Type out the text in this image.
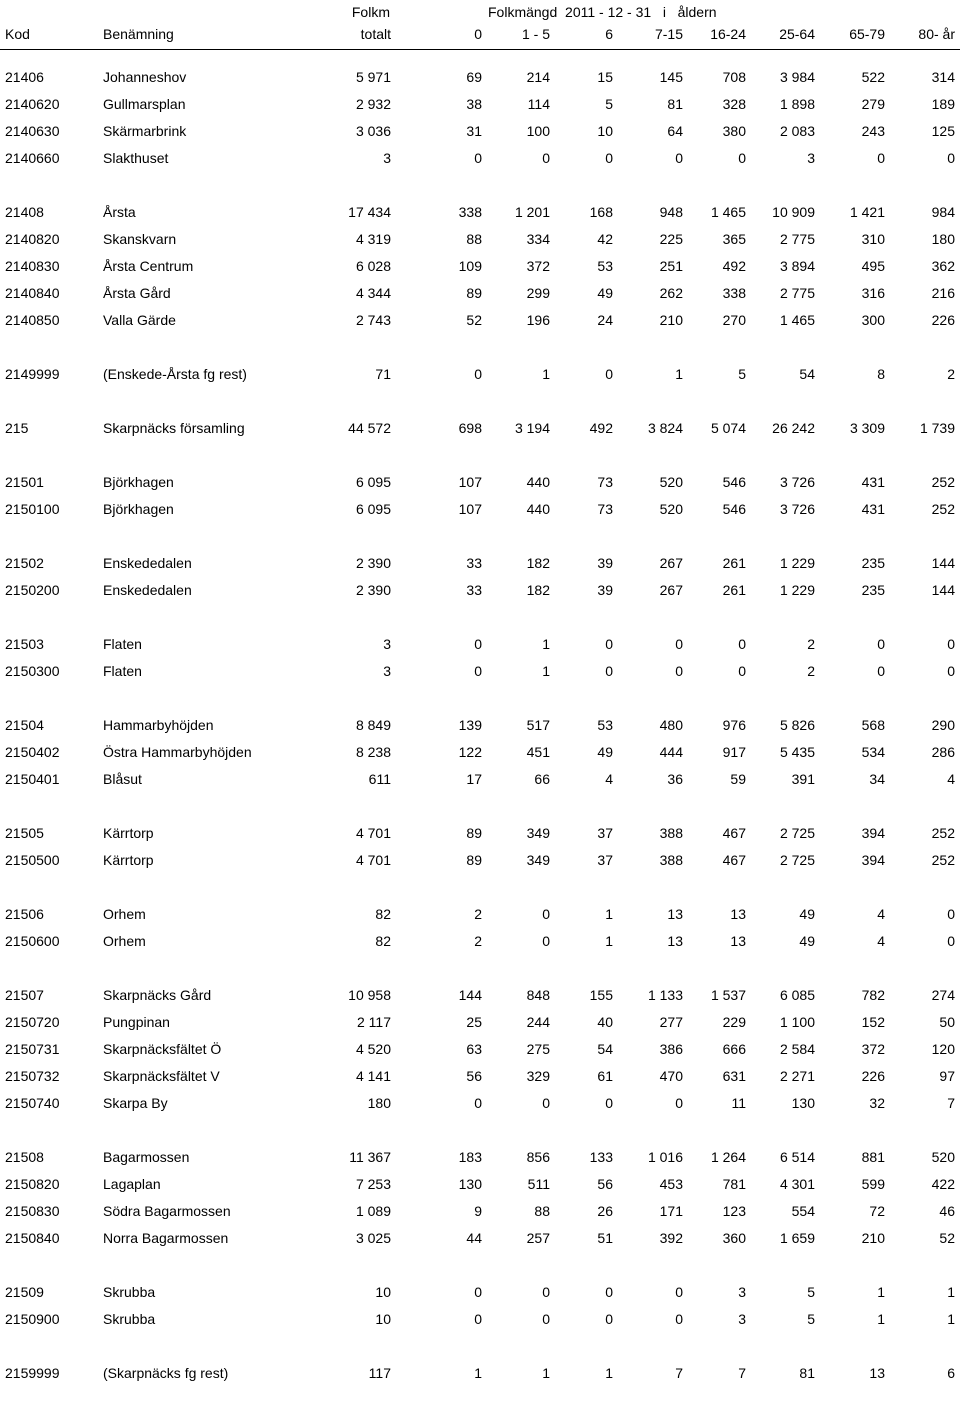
Folkm	Folkmängd  2011 - 12 - 31   i   åldern
Kod	Benämning	totalt	0	1 - 5	6	7-15	16-24	25-64	65-79	80- år
21406	Johanneshov	5 971	69	214	15	145	708	3 984	522	314
2140620	Gullmarsplan	2 932	38	114	5	81	328	1 898	279	189
2140630	Skärmarbrink	3 036	31	100	10	64	380	2 083	243	125
2140660	Slakthuset	3	0	0	0	0	0	3	0	0
21408	Årsta	17 434	338	1 201	168	948	1 465	10 909	1 421	984
2140820	Skanskvarn	4 319	88	334	42	225	365	2 775	310	180
2140830	Årsta Centrum	6 028	109	372	53	251	492	3 894	495	362
2140840	Årsta Gård	4 344	89	299	49	262	338	2 775	316	216
2140850	Valla Gärde	2 743	52	196	24	210	270	1 465	300	226
2149999	(Enskede-Årsta fg rest)	71	0	1	0	1	5	54	8	2
215	Skarpnäcks församling	44 572	698	3 194	492	3 824	5 074	26 242	3 309	1 739
21501	Björkhagen	6 095	107	440	73	520	546	3 726	431	252
2150100	Björkhagen	6 095	107	440	73	520	546	3 726	431	252
21502	Enskededalen	2 390	33	182	39	267	261	1 229	235	144
2150200	Enskededalen	2 390	33	182	39	267	261	1 229	235	144
21503	Flaten	3	0	1	0	0	0	2	0	0
2150300	Flaten	3	0	1	0	0	0	2	0	0
21504	Hammarbyhöjden	8 849	139	517	53	480	976	5 826	568	290
2150402	Östra Hammarbyhöjden	8 238	122	451	49	444	917	5 435	534	286
2150401	Blåsut	611	17	66	4	36	59	391	34	4
21505	Kärrtorp	4 701	89	349	37	388	467	2 725	394	252
2150500	Kärrtorp	4 701	89	349	37	388	467	2 725	394	252
21506	Orhem	82	2	0	1	13	13	49	4	0
2150600	Orhem	82	2	0	1	13	13	49	4	0
21507	Skarpnäcks Gård	10 958	144	848	155	1 133	1 537	6 085	782	274
2150720	Pungpinan	2 117	25	244	40	277	229	1 100	152	50
2150731	Skarpnäcksfältet Ö	4 520	63	275	54	386	666	2 584	372	120
2150732	Skarpnäcksfältet V	4 141	56	329	61	470	631	2 271	226	97
2150740	Skarpa By	180	0	0	0	0	11	130	32	7
21508	Bagarmossen	11 367	183	856	133	1 016	1 264	6 514	881	520
2150820	Lagaplan	7 253	130	511	56	453	781	4 301	599	422
2150830	Södra Bagarmossen	1 089	9	88	26	171	123	554	72	46
2150840	Norra Bagarmossen	3 025	44	257	51	392	360	1 659	210	52
21509	Skrubba	10	0	0	0	0	3	5	1	1
2150900	Skrubba	10	0	0	0	0	3	5	1	1
2159999	(Skarpnäcks fg rest)	117	1	1	1	7	7	81	13	6
